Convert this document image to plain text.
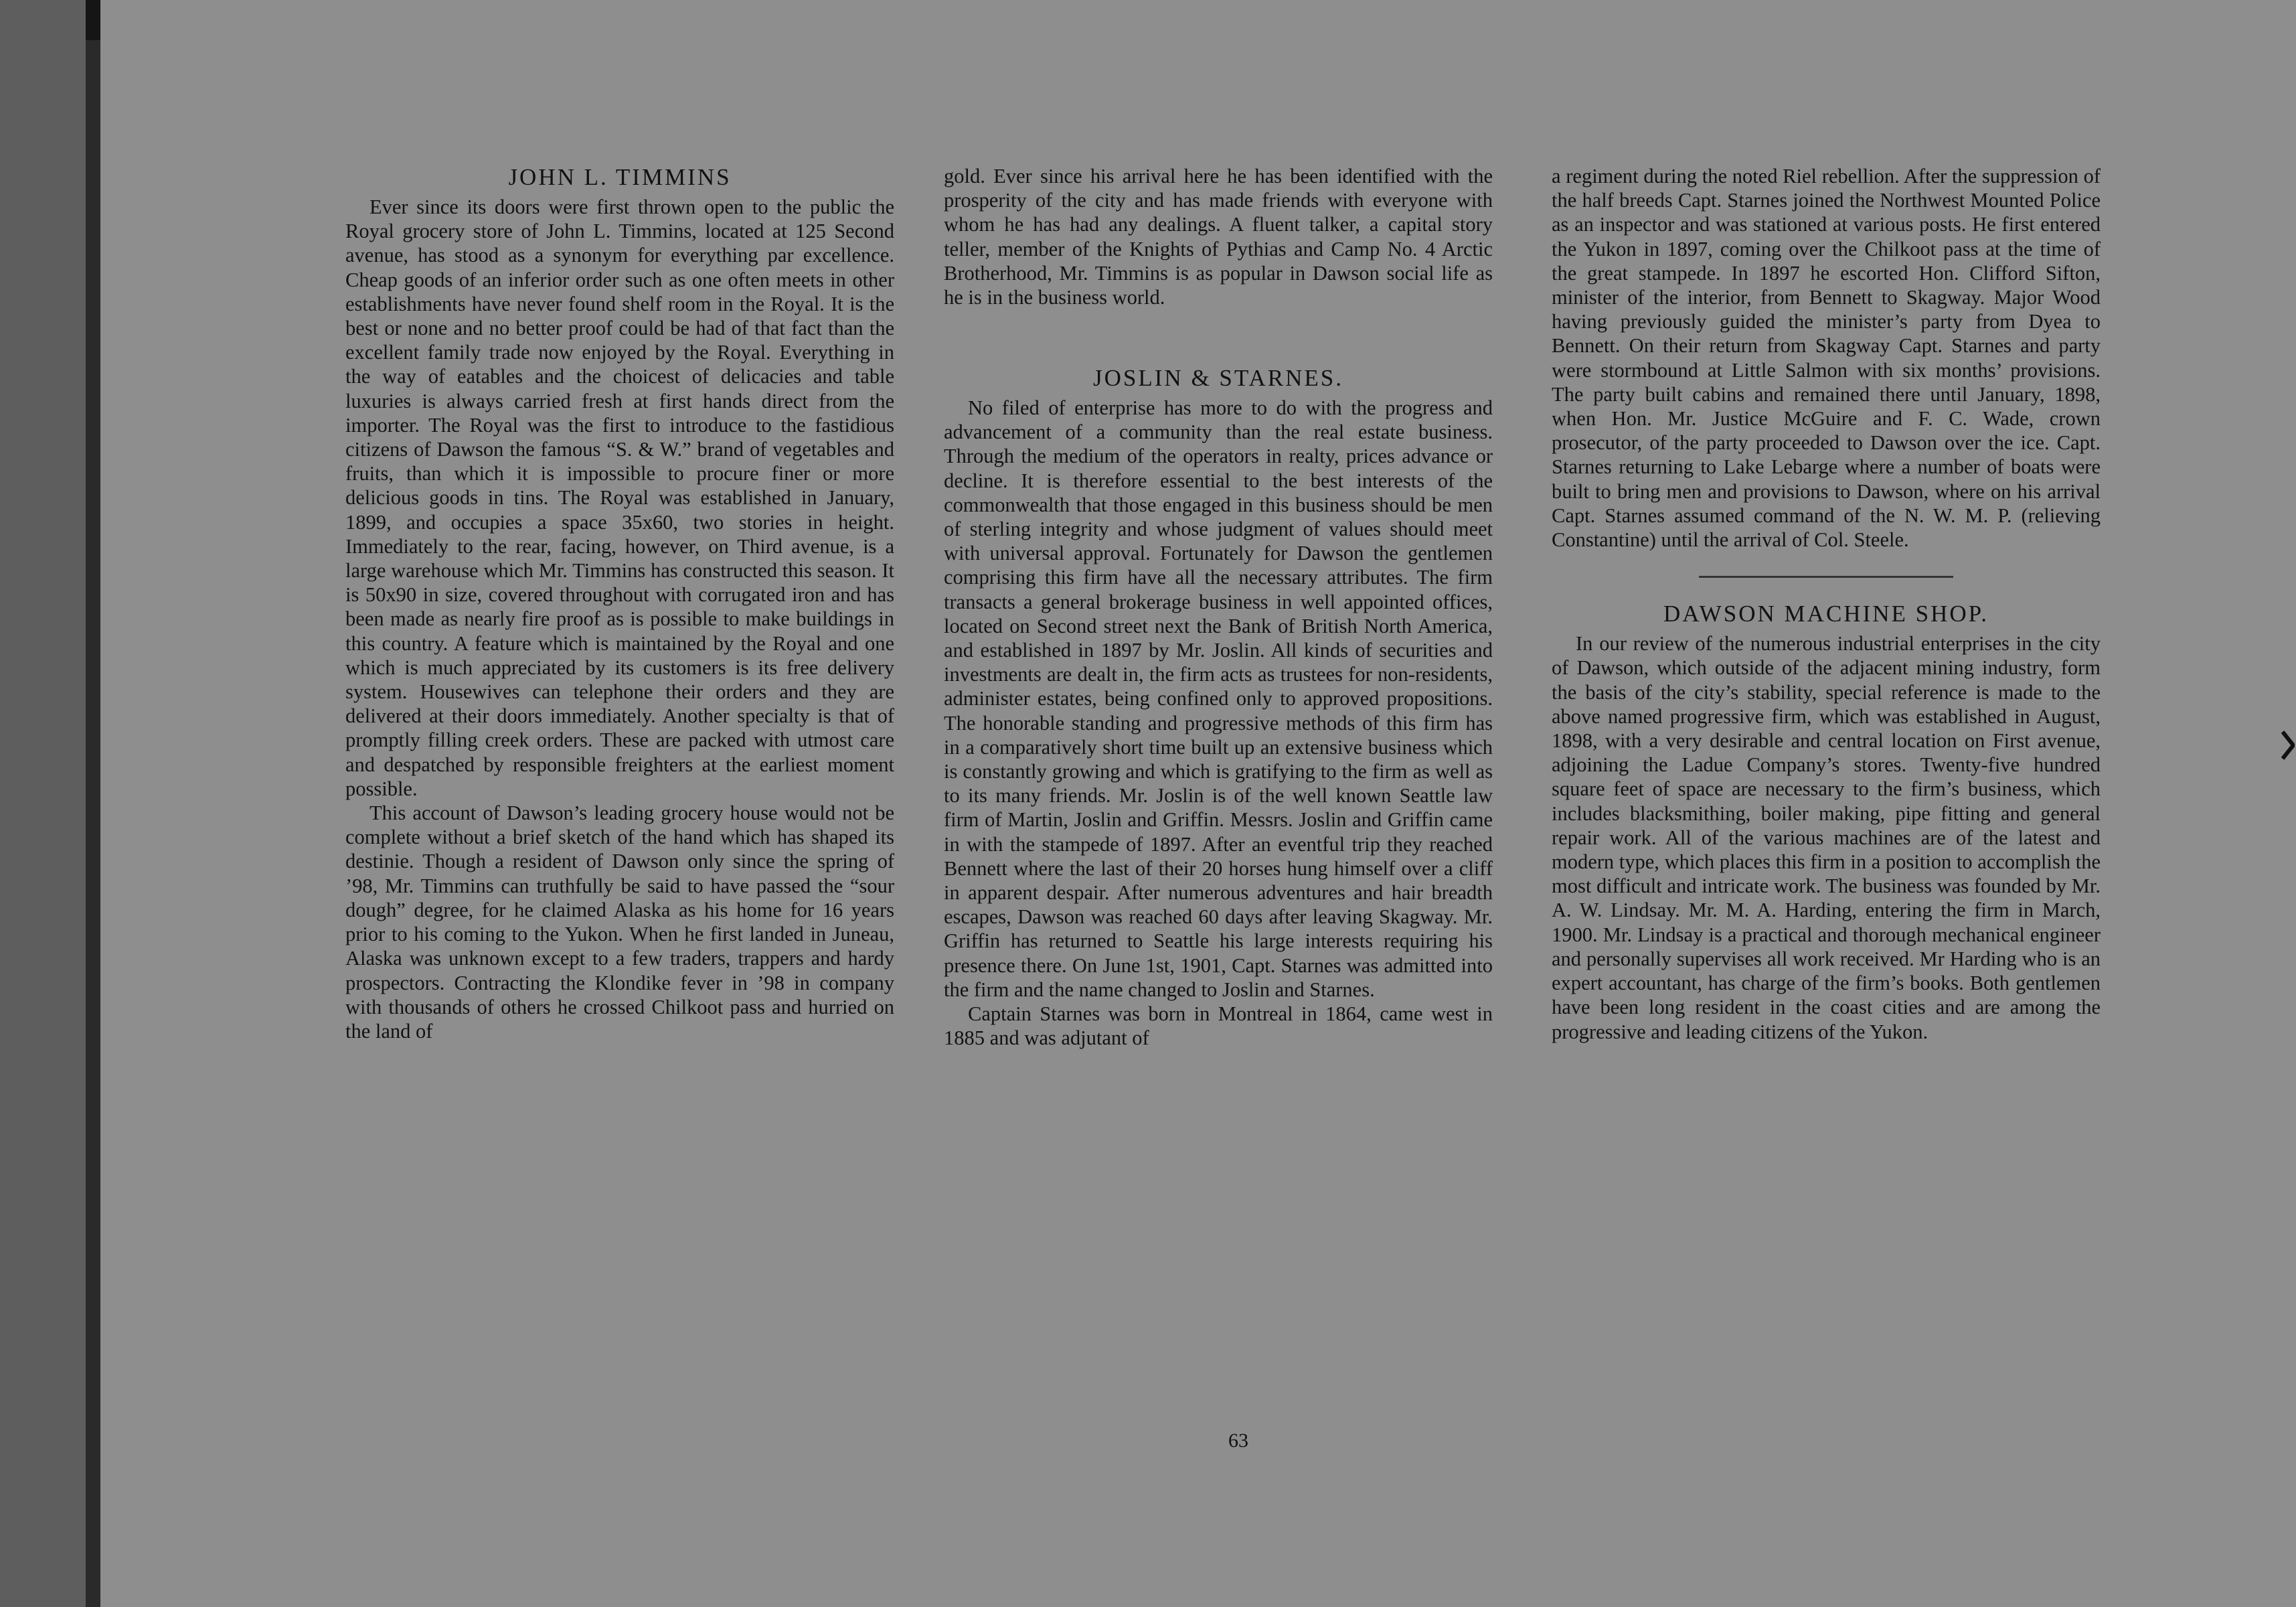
JOHN L. TIMMINS

Ever since its doors were first thrown open to the public the Royal grocery store of John L. Timmins, located at 125 Second avenue, has stood as a synonym for everything par excellence. Cheap goods of an inferior order such as one often meets in other establishments have never found shelf room in the Royal. It is the best or none and no better proof could be had of that fact than the excellent family trade now enjoyed by the Royal. Everything in the way of eatables and the choicest of delicacies and table luxuries is always carried fresh at first hands direct from the importer. The Royal was the first to introduce to the fastidious citizens of Dawson the famous “S. & W.” brand of vegetables and fruits, than which it is impossible to procure finer or more delicious goods in tins. The Royal was established in January, 1899, and occupies a space 35x60, two stories in height. Immediately to the rear, facing, however, on Third avenue, is a large warehouse which Mr. Timmins has constructed this season. It is 50x90 in size, covered throughout with corrugated iron and has been made as nearly fire proof as is possible to make buildings in this country. A feature which is maintained by the Royal and one which is much appreciated by its customers is its free delivery system. Housewives can telephone their orders and they are delivered at their doors immediately. Another specialty is that of promptly filling creek orders. These are packed with utmost care and despatched by responsible freighters at the earliest moment possible.

This account of Dawson’s leading grocery house would not be complete without a brief sketch of the hand which has shaped its destinie. Though a resident of Dawson only since the spring of ’98, Mr. Timmins can truthfully be said to have passed the “sour dough” degree, for he claimed Alaska as his home for 16 years prior to his coming to the Yukon. When he first landed in Juneau, Alaska was unknown except to a few traders, trappers and hardy prospectors. Contracting the Klondike fever in ’98 in company with thousands of others he crossed Chilkoot pass and hurried on the land of

gold. Ever since his arrival here he has been identified with the prosperity of the city and has made friends with everyone with whom he has had any dealings. A fluent talker, a capital story teller, member of the Knights of Pythias and Camp No. 4 Arctic Brotherhood, Mr. Timmins is as popular in Dawson social life as he is in the business world.

JOSLIN & STARNES.

No filed of enterprise has more to do with the progress and advancement of a community than the real estate business. Through the medium of the operators in realty, prices advance or decline. It is therefore essential to the best interests of the commonwealth that those engaged in this business should be men of sterling integrity and whose judgment of values should meet with universal approval. Fortunately for Dawson the gentlemen comprising this firm have all the necessary attributes. The firm transacts a general brokerage business in well appointed offices, located on Second street next the Bank of British North America, and established in 1897 by Mr. Joslin. All kinds of securities and investments are dealt in, the firm acts as trustees for non-residents, administer estates, being confined only to approved propositions. The honorable standing and progressive methods of this firm has in a comparatively short time built up an extensive business which is constantly growing and which is gratifying to the firm as well as to its many friends. Mr. Joslin is of the well known Seattle law firm of Martin, Joslin and Griffin. Messrs. Joslin and Griffin came in with the stampede of 1897. After an eventful trip they reached Bennett where the last of their 20 horses hung himself over a cliff in apparent despair. After numerous adventures and hair breadth escapes, Dawson was reached 60 days after leaving Skagway. Mr. Griffin has returned to Seattle his large interests requiring his presence there. On June 1st, 1901, Capt. Starnes was admitted into the firm and the name changed to Joslin and Starnes.

Captain Starnes was born in Montreal in 1864, came west in 1885 and was adjutant of

a regiment during the noted Riel rebellion. After the suppression of the half breeds Capt. Starnes joined the Northwest Mounted Police as an inspector and was stationed at various posts. He first entered the Yukon in 1897, coming over the Chilkoot pass at the time of the great stampede. In 1897 he escorted Hon. Clifford Sifton, minister of the interior, from Bennett to Skagway. Major Wood having previously guided the minister’s party from Dyea to Bennett. On their return from Skagway Capt. Starnes and party were stormbound at Little Salmon with six months’ provisions. The party built cabins and remained there until January, 1898, when Hon. Mr. Justice McGuire and F. C. Wade, crown prosecutor, of the party proceeded to Dawson over the ice. Capt. Starnes returning to Lake Lebarge where a number of boats were built to bring men and provisions to Dawson, where on his arrival Capt. Starnes assumed command of the N. W. M. P. (relieving Constantine) until the arrival of Col. Steele.

DAWSON MACHINE SHOP.

In our review of the numerous industrial enterprises in the city of Dawson, which outside of the adjacent mining industry, form the basis of the city’s stability, special reference is made to the above named progressive firm, which was established in August, 1898, with a very desirable and central location on First avenue, adjoining the Ladue Company’s stores. Twenty-five hundred square feet of space are necessary to the firm’s business, which includes blacksmithing, boiler making, pipe fitting and general repair work. All of the various machines are of the latest and modern type, which places this firm in a position to accomplish the most difficult and intricate work. The business was founded by Mr. A. W. Lindsay. Mr. M. A. Harding, entering the firm in March, 1900. Mr. Lindsay is a practical and thorough mechanical engineer and personally supervises all work received. Mr Harding who is an expert accountant, has charge of the firm’s books. Both gentlemen have been long resident in the coast cities and are among the progressive and leading citizens of the Yukon.

63
